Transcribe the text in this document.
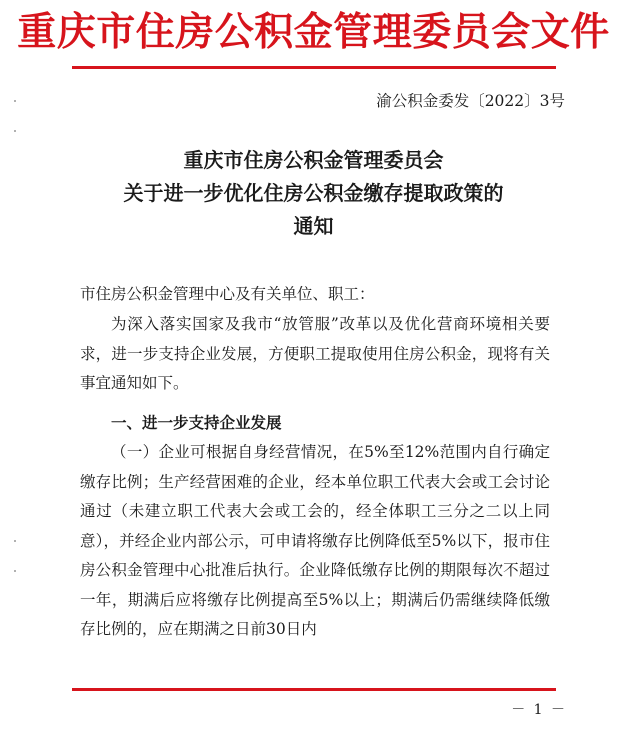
重庆市住房公积金管理委员会文件
渝公积金委发〔2022〕3号
重庆市住房公积金管理委员会
关于进一步优化住房公积金缴存提取政策的
通知
市住房公积金管理中心及有关单位、职工：
为深入落实国家及我市“放管服”改革以及优化营商环境相关要求，进一步支持企业发展，方便职工提取使用住房公积金，现将有关事宜通知如下。
一、进一步支持企业发展
（一）企业可根据自身经营情况，在5%至12%范围内自行确定缴存比例；生产经营困难的企业，经本单位职工代表大会或工会讨论通过（未建立职工代表大会或工会的，经全体职工三分之二以上同意），并经企业内部公示，可申请将缴存比例降低至5%以下，报市住房公积金管理中心批准后执行。企业降低缴存比例的期限每次不超过一年，期满后应将缴存比例提高至5%以上；期满后仍需继续降低缴存比例的，应在期满之日前30日内
－ 1 －
